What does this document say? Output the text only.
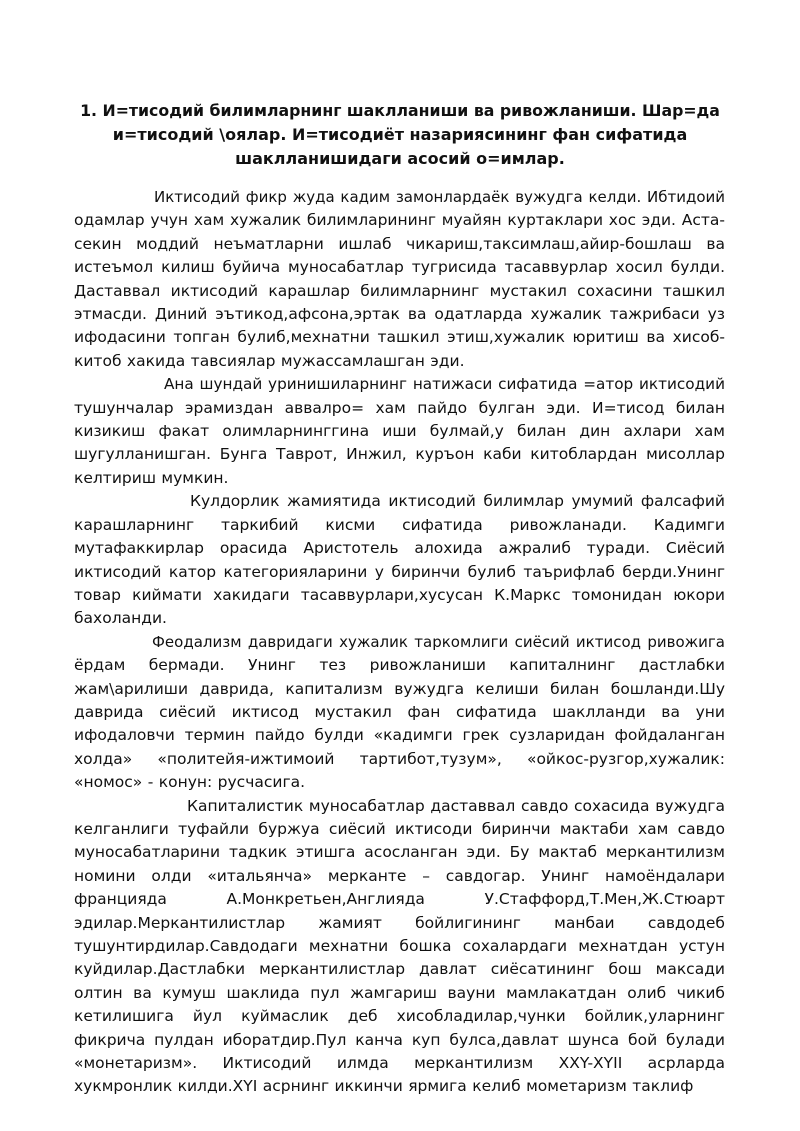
1. И=тисодий билимларнинг шаклланиши ва ривожланиши. Шар=да
и=тисодий \оялар. И=тисодиёт назариясининг фан сифатида
шаклланишидаги асосий о=имлар.

Иктисодий фикр жуда кадим замонлардаёк вужудга келди. Ибтидоий
одамлар учун хам хужалик билимларининг муайян куртаклари хос эди. Аста-
секин моддий неъматларни ишлаб чикариш,таксимлаш,айир-бошлаш ва
истеъмол килиш буйича муносабатлар тугрисида тасаввурлар хосил булди.
Даставвал иктисодий карашлар билимларнинг мустакил сохасини ташкил
этмасди. Диний эътикод,афсона,эртак ва одатларда хужалик тажрибаси уз
ифодасини топган булиб,мехнатни ташкил этиш,хужалик юритиш ва хисоб-
китоб хакида тавсиялар мужассамлашган эди.

Ана шундай уринишиларнинг натижаси сифатида =атор иктисодий
тушунчалар эрамиздан аввалро= хам пайдо булган эди. И=тисод билан
кизикиш факат олимларнинггина иши булмай,у билан дин ахлари хам
шугулланишган. Бунга Таврот, Инжил, куръон каби китоблардан мисоллар
келтириш мумкин.

Кулдорлик жамиятида иктисодий билимлар умумий фалсафий
карашларнинг таркибий кисми сифатида ривожланади. Кадимги
мутафаккирлар орасида Аристотель алохида ажралиб туради. Сиёсий
иктисодий катор категорияларини у биринчи булиб таърифлаб берди.Унинг
товар киймати хакидаги тасаввурлари,хусусан К.Маркс томонидан юкори
бахоланди.

Феодализм давридаги хужалик таркомлиги сиёсий иктисод ривожига
ёрдам бермади. Унинг тез ривожланиши капиталнинг дастлабки
жам\арилиши даврида, капитализм вужудга келиши билан бошланди.Шу
даврида сиёсий иктисод мустакил фан сифатида шаклланди ва уни
ифодаловчи термин пайдо булди «кадимги грек сузларидан фойдаланган
холда» «политейя-ижтимоий тартибот,тузум», «ойкос-рузгор,хужалик:
«номос» - конун: русчасига.

Капиталистик муносабатлар даставвал савдо сохасида вужудга
келганлиги туфайли буржуа сиёсий иктисоди биринчи мактаби хам савдо
муносабатларини тадкик этишга асосланган эди. Бу мактаб меркантилизм
номини олди «итальянча» мерканте – савдогар. Унинг намоёндалари
францияда А.Монкретьен,Англияда У.Стаффорд,Т.Мен,Ж.Стюарт
эдилар.Меркантилистлар жамият бойлигининг манбаи савдодеб
тушунтирдилар.Савдодаги мехнатни бошка сохалардаги мехнатдан устун
куйдилар.Дастлабки меркантилистлар давлат сиёсатининг бош максади
олтин ва кумуш шаклида пул жамгариш вауни мамлакатдан олиб чикиб
кетилишига йул куймаслик деб хисобладилар,чунки бойлик,уларнинг
фикрича пулдан иборатдир.Пул канча куп булса,давлат шунса бой булади
«монетаризм». Иктисодий илмда меркантилизм ХХY-ХYII асрларда
хукмронлик килди.ХYI асрнинг иккинчи ярмига келиб мометаризм таклиф
